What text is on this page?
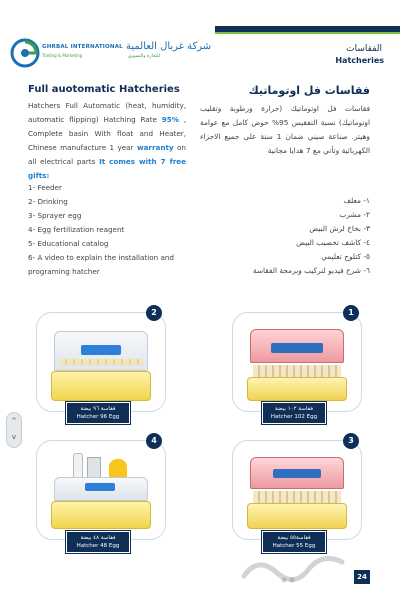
GHRBAL INTERNATIONAL شركة غربال العالمية
Trading & Marketing	للتجارة والتسويق
الفقاسات
Hatcheries
Full auotomatic Hatcheries
Hatchers Full Automatic (heat, humidity, automatic flipping) Hatching Rate 95% , Complete basin With float and Heater, Chinese manufacture 1 year warranty on all electrical parts It comes with 7 free gifts:
1- Feeder
2- Drinking
3- Sprayer egg
4- Egg fertilization reagent
5- Educational catalog
6- A video to explain the installation and programing hatcher
فقاسات فل اوتوماتيك
فقاسات فل اوتوماتيك (حرارة ورطوبة وتقليب اوتوماتيك) نسبة التفقيس 95% حوض كامل مع عوامة وهيتر. صناعة صيني ضمان 1 سنة على جميع الاجزاء الكهربائية وتأتي مع 7 هدايا مجانية
١- معلف
٢- مشرب
٣- بخاخ لرش البيض
٤- كاشف تخصيب البيض
٥- كتلوج تعليمي
٦- شرح فيديو لتركيب وبرمجة الفقاسة
2
فقاسة ٩٦ بيضة
Hatcher 96 Egg
1
فقاسة ١٠٢ بيضة
Hatcher 102 Egg
4
فقاسة ٤٨ بيضة
Hatcher 48 Egg
3
فقاسة٥٥ بيضة
Hatcher 55 Egg
^
v
24
